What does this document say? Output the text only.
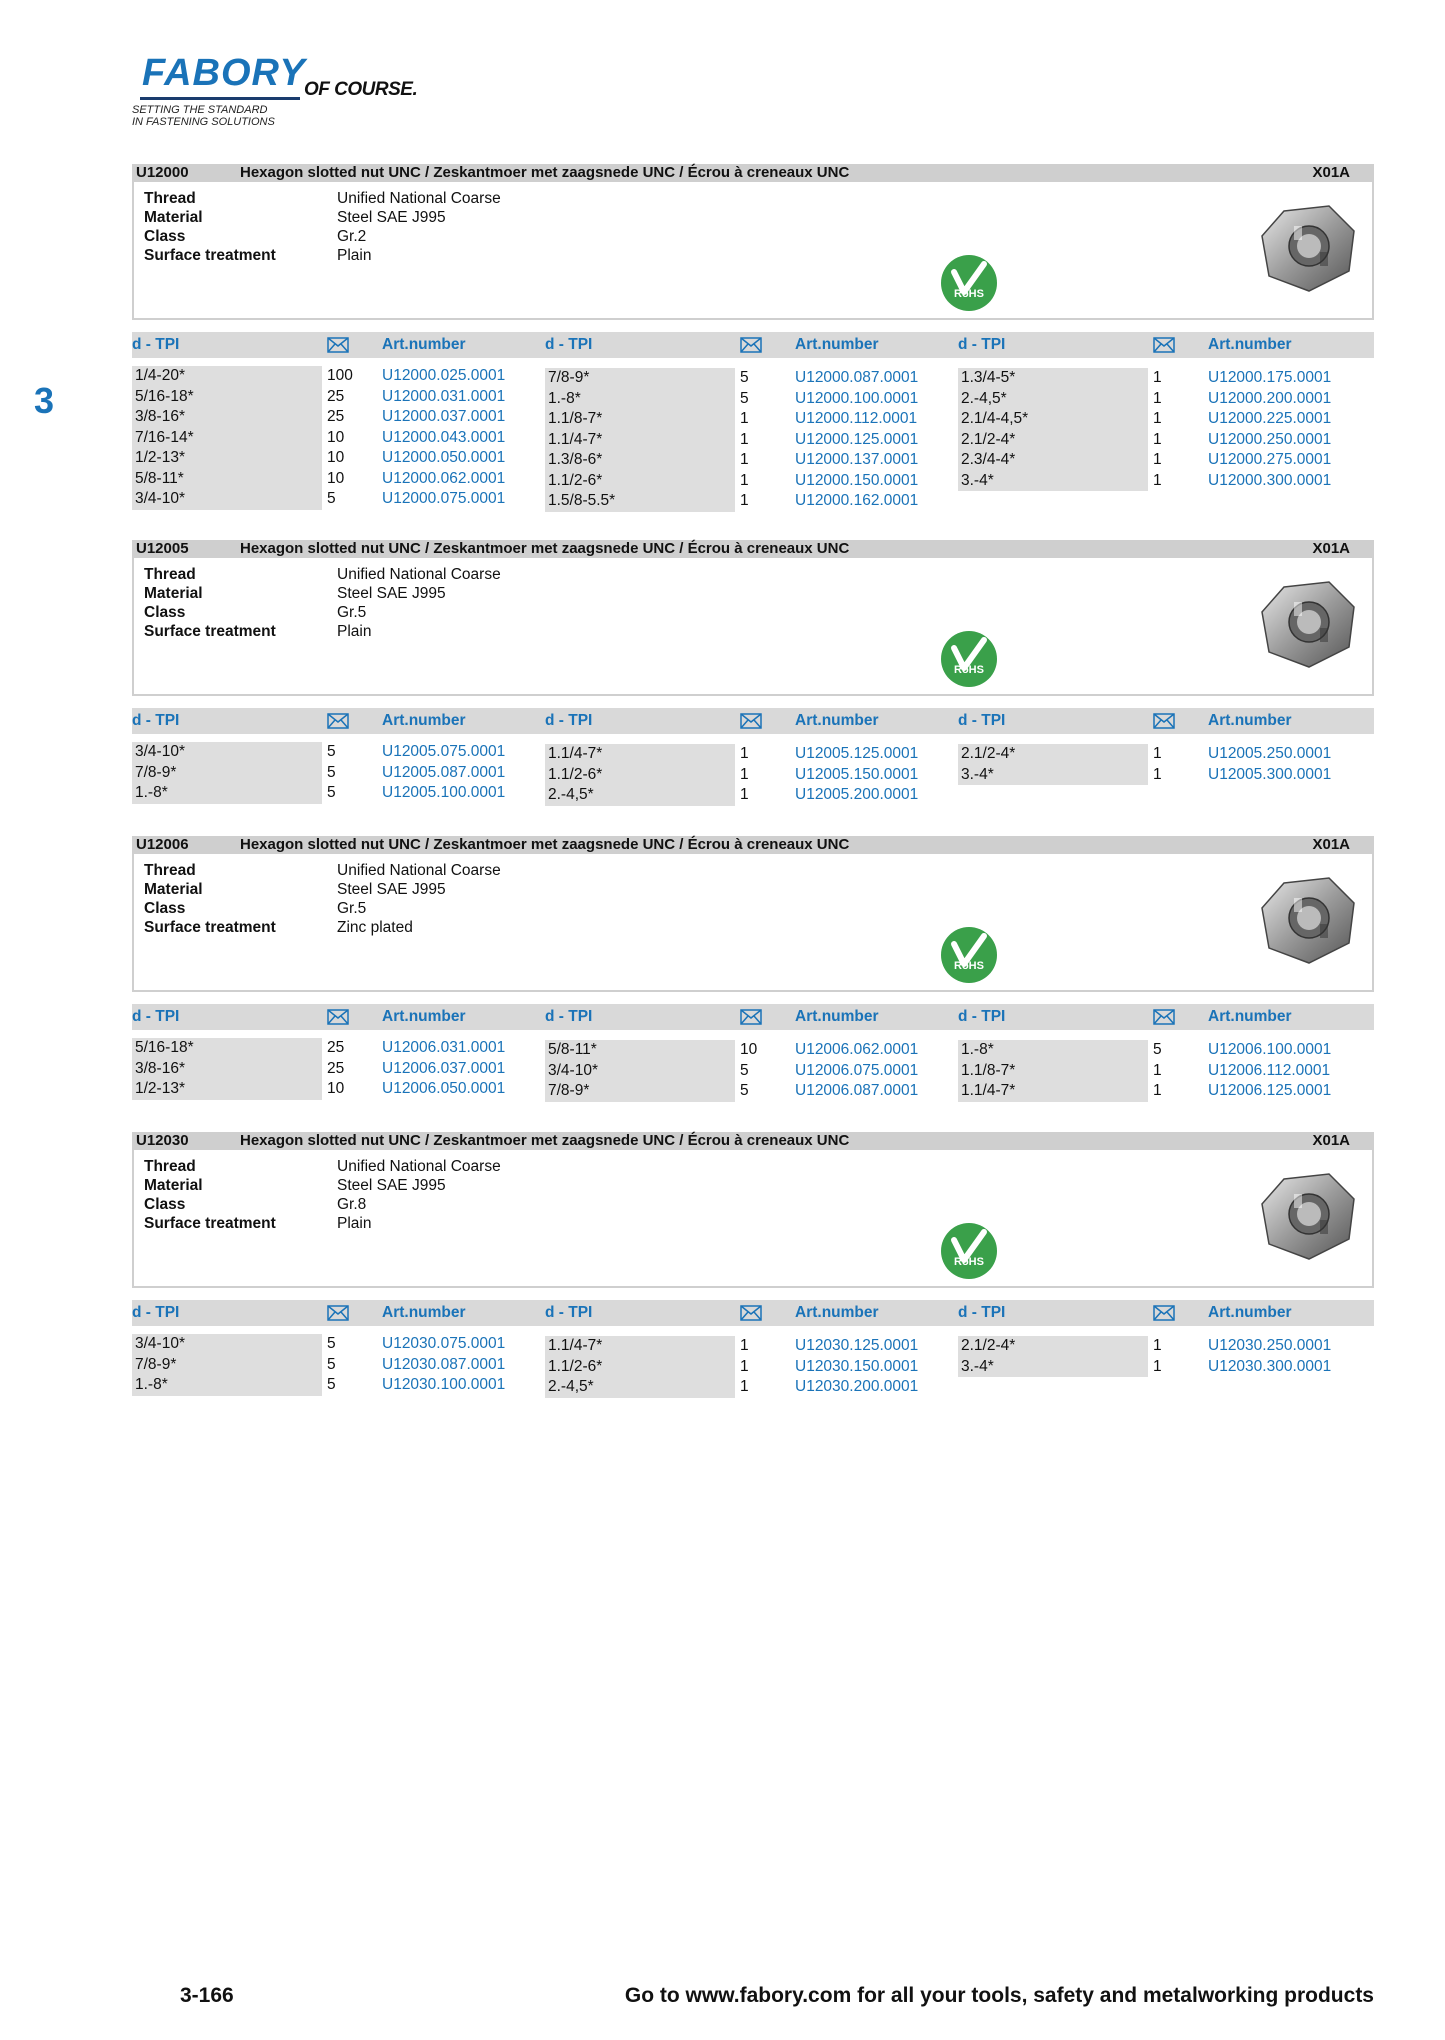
FABORY
OF COURSE.
SETTING THE STANDARD
IN FASTENING SOLUTIONS
3
U12000	Hexagon slotted nut UNC / Zeskantmoer met zaagsnede UNC / Écrou à creneaux UNC	X01A
Thread	Unified National Coarse
Material	Steel SAE J995
Class	Gr.2
Surface treatment	Plain
RoHS
d - TPI	Art.number	d - TPI	Art.number	d - TPI	Art.number
1/4-20*	100 U12000.025.0001
5/16-18*	25 U12000.031.0001
3/8-16*	25 U12000.037.0001
7/16-14*	10 U12000.043.0001
1/2-13*	10 U12000.050.0001
5/8-11*	10 U12000.062.0001
3/4-10*	5	U12000.075.0001
7/8-9*	5	U12000.087.0001
1.-8*	5	U12000.100.0001
1.1/8-7*	1	U12000.112.0001
1.1/4-7*	1	U12000.125.0001
1.3/8-6*	1	U12000.137.0001
1.1/2-6*	1	U12000.150.0001
1.5/8-5.5*	1	U12000.162.0001
1.3/4-5*	1	U12000.175.0001
2.-4,5*	1	U12000.200.0001
2.1/4-4,5*	1	U12000.225.0001
2.1/2-4*	1	U12000.250.0001
2.3/4-4*	1	U12000.275.0001
3.-4*	1	U12000.300.0001
U12005	Hexagon slotted nut UNC / Zeskantmoer met zaagsnede UNC / Écrou à creneaux UNC	X01A
Thread	Unified National Coarse
Material	Steel SAE J995
Class	Gr.5
Surface treatment	Plain
RoHS
d - TPI	Art.number	d - TPI	Art.number	d - TPI	Art.number
3/4-10*	5	U12005.075.0001
7/8-9*	5	U12005.087.0001
1.-8*	5	U12005.100.0001
1.1/4-7*	1	U12005.125.0001
1.1/2-6*	1	U12005.150.0001
2.-4,5*	1	U12005.200.0001
2.1/2-4*	1	U12005.250.0001
3.-4*	1	U12005.300.0001
U12006	Hexagon slotted nut UNC / Zeskantmoer met zaagsnede UNC / Écrou à creneaux UNC	X01A
Thread	Unified National Coarse
Material	Steel SAE J995
Class	Gr.5
Surface treatment	Zinc plated
RoHS
d - TPI	Art.number	d - TPI	Art.number	d - TPI	Art.number
5/16-18*	25 U12006.031.0001
3/8-16*	25 U12006.037.0001
1/2-13*	10 U12006.050.0001
5/8-11*	10 U12006.062.0001
3/4-10*	5	U12006.075.0001
7/8-9*	5	U12006.087.0001
1.-8*	5	U12006.100.0001
1.1/8-7*	1	U12006.112.0001
1.1/4-7*	1	U12006.125.0001
U12030	Hexagon slotted nut UNC / Zeskantmoer met zaagsnede UNC / Écrou à creneaux UNC	X01A
Thread	Unified National Coarse
Material	Steel SAE J995
Class	Gr.8
Surface treatment	Plain
RoHS
d - TPI	Art.number	d - TPI	Art.number	d - TPI	Art.number
3/4-10*	5	U12030.075.0001
7/8-9*	5	U12030.087.0001
1.-8*	5	U12030.100.0001
1.1/4-7*	1	U12030.125.0001
1.1/2-6*	1	U12030.150.0001
2.-4,5*	1	U12030.200.0001
2.1/2-4*	1	U12030.250.0001
3.-4*	1	U12030.300.0001
3-166	Go to www.fabory.com for all your tools, safety and metalworking products
